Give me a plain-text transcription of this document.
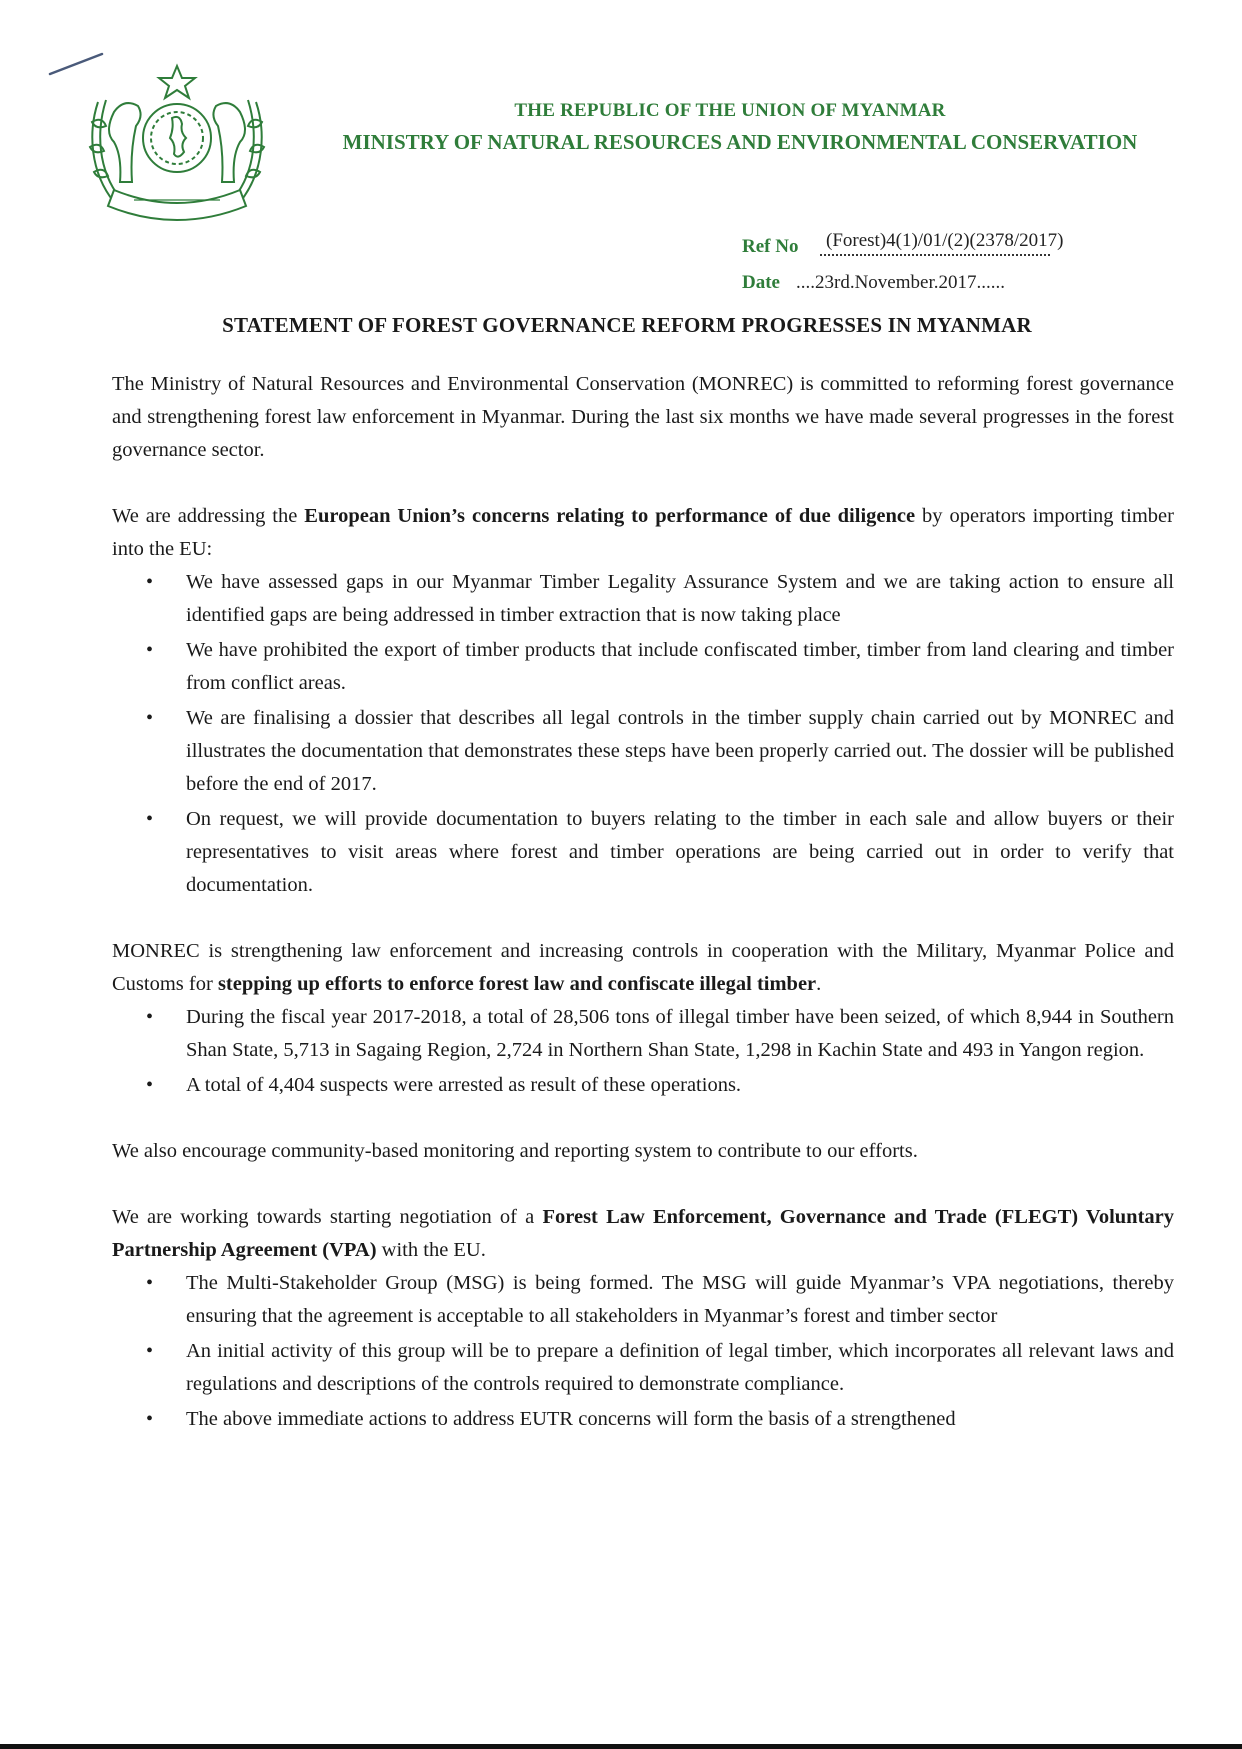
THE REPUBLIC OF THE UNION OF MYANMAR
MINISTRY OF NATURAL RESOURCES AND ENVIRONMENTAL CONSERVATION
Ref No (Forest)4(1)/01/(2)(2378/2017)
Date ....23rd.November.2017......
STATEMENT OF FOREST GOVERNANCE REFORM PROGRESSES IN MYANMAR

The Ministry of Natural Resources and Environmental Conservation (MONREC) is committed to reforming forest governance and strengthening forest law enforcement in Myanmar. During the last six months we have made several progresses in the forest governance sector.

We are addressing the European Union’s concerns relating to performance of due diligence by operators importing timber into the EU:

• We have assessed gaps in our Myanmar Timber Legality Assurance System and we are taking action to ensure all identified gaps are being addressed in timber extraction that is now taking place
• We have prohibited the export of timber products that include confiscated timber, timber from land clearing and timber from conflict areas.
• We are finalising a dossier that describes all legal controls in the timber supply chain carried out by MONREC and illustrates the documentation that demonstrates these steps have been properly carried out. The dossier will be published before the end of 2017.
• On request, we will provide documentation to buyers relating to the timber in each sale and allow buyers or their representatives to visit areas where forest and timber operations are being carried out in order to verify that documentation.

MONREC is strengthening law enforcement and increasing controls in cooperation with the Military, Myanmar Police and Customs for stepping up efforts to enforce forest law and confiscate illegal timber.

• During the fiscal year 2017-2018, a total of 28,506 tons of illegal timber have been seized, of which 8,944 in Southern Shan State, 5,713 in Sagaing Region, 2,724 in Northern Shan State, 1,298 in Kachin State and 493 in Yangon region.
• A total of 4,404 suspects were arrested as result of these operations.

We also encourage community-based monitoring and reporting system to contribute to our efforts.

We are working towards starting negotiation of a Forest Law Enforcement, Governance and Trade (FLEGT) Voluntary Partnership Agreement (VPA) with the EU.

• The Multi-Stakeholder Group (MSG) is being formed. The MSG will guide Myanmar’s VPA negotiations, thereby ensuring that the agreement is acceptable to all stakeholders in Myanmar’s forest and timber sector
• An initial activity of this group will be to prepare a definition of legal timber, which incorporates all relevant laws and regulations and descriptions of the controls required to demonstrate compliance.
• The above immediate actions to address EUTR concerns will form the basis of a strengthened
